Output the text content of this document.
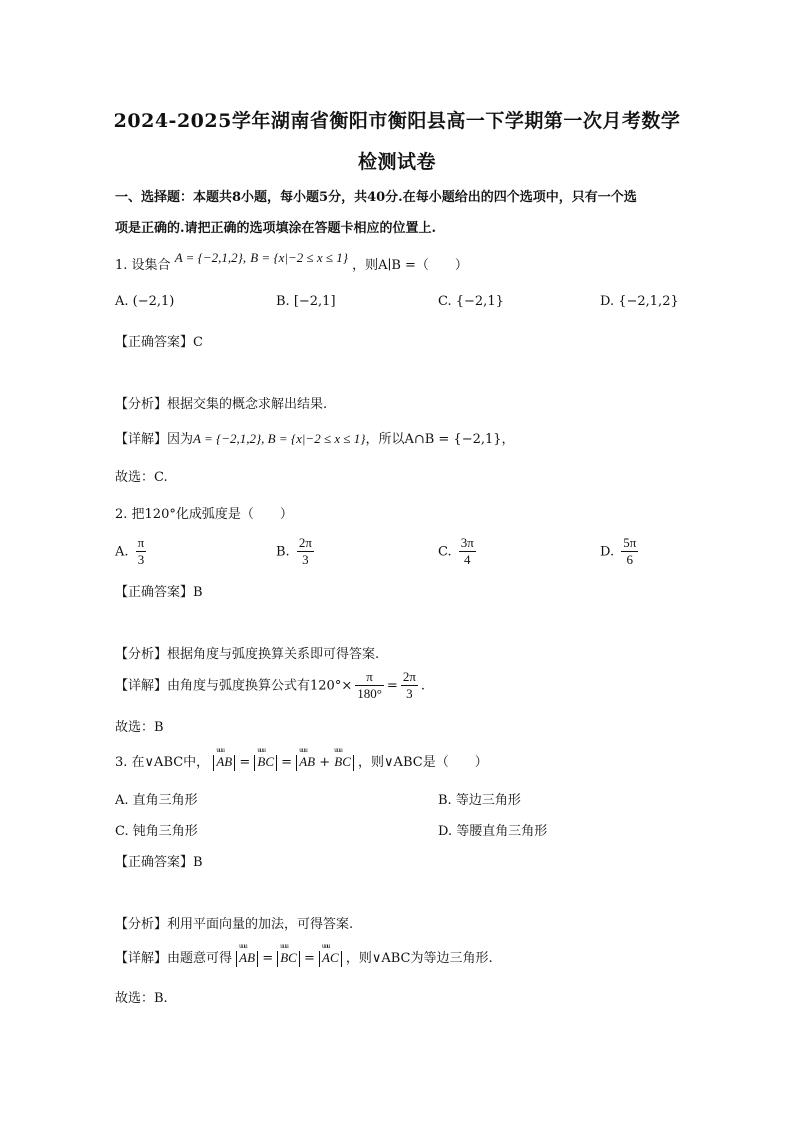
2024-2025学年湖南省衡阳市衡阳县高一下学期第一次月考数学
检测试卷
一、选择题：本题共8小题，每小题5分，共40分.在每小题给出的四个选项中，只有一个选
项是正确的.请把正确的选项填涂在答题卡相应的位置上.
1. 设集合 A = {−2,1,2}, B = {x|−2 ≤ x ≤ 1} ，则A∣B =（　　）
A. (−2,1)	B. [−2,1]	C. {−2,1}	D. {−2,1,2}
【正确答案】C
【分析】根据交集的概念求解出结果.
【详解】因为A = {−2,1,2}, B = {x|−2 ≤ x ≤ 1}，所以A∩B = {−2,1}，
故选：C.
2. 把120°化成弧度是（　　）
A. $\frac{\pi}{3}$	B. $\frac{2\pi}{3}$	C. $\frac{3\pi}{4}$	D. $\frac{5\pi}{6}$
【正确答案】B
【分析】根据角度与弧度换算关系即可得答案.
【详解】由角度与弧度换算公式有$120^\circ\times \frac{\pi}{180^\circ} = \frac{2\pi}{3}$ .
故选：B
3. 在∨ABC中， uuu AB = uuu BC = uuu AB + uuu BC ，则∨ABC是（　　）
A. 直角三角形	B. 等边三角形
C. 钝角三角形	D. 等腰直角三角形
【正确答案】B
【分析】利用平面向量的加法，可得答案.
【详解】由题意可得 uuu AB = uuu BC = uuu AC ，则∨ABC为等边三角形.
故选：B.
